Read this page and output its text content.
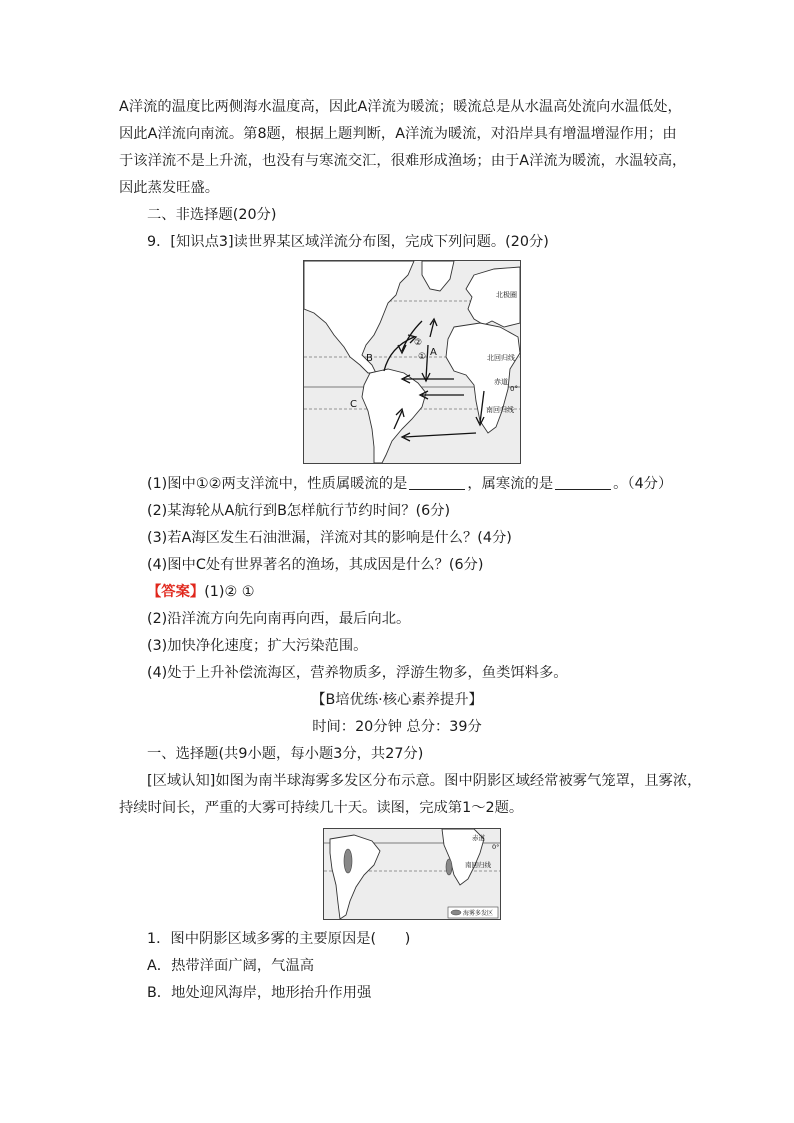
A洋流的温度比两侧海水温度高，因此A洋流为暖流；暖流总是从水温高处流向水温低处，
因此A洋流向南流。第8题，根据上题判断，A洋流为暖流，对沿岸具有增温增湿作用；由
于该洋流不是上升流，也没有与寒流交汇，很难形成渔场；由于A洋流为暖流，水温较高，
因此蒸发旺盛。
二、非选择题(20分)
9．[知识点3]读世界某区域洋流分布图，完成下列问题。(20分)
北极圈
北回归线
赤道
0°
南回归线
A
B
C
①
②
(1)图中①②两支洋流中，性质属暖流的是	，属寒流的是	。（4分）
(2)某海轮从A航行到B怎样航行节约时间？(6分)
(3)若A海区发生石油泄漏，洋流对其的影响是什么？(4分)
(4)图中C处有世界著名的渔场，其成因是什么？(6分)
【答案】(1)② ①
(2)沿洋流方向先向南再向西，最后向北。
(3)加快净化速度；扩大污染范围。
(4)处于上升补偿流海区，营养物质多，浮游生物多，鱼类饵料多。
【B培优练·核心素养提升】
时间：20分钟 总分：39分
一、选择题(共9小题，每小题3分，共27分)
[区域认知]如图为南半球海雾多发区分布示意。图中阴影区域经常被雾气笼罩，且雾浓，
持续时间长，严重的大雾可持续几十天。读图，完成第1～2题。
赤道
0°
南回归线
海雾多发区
1．图中阴影区域多雾的主要原因是(　　)
A．热带洋面广阔，气温高
B．地处迎风海岸，地形抬升作用强
